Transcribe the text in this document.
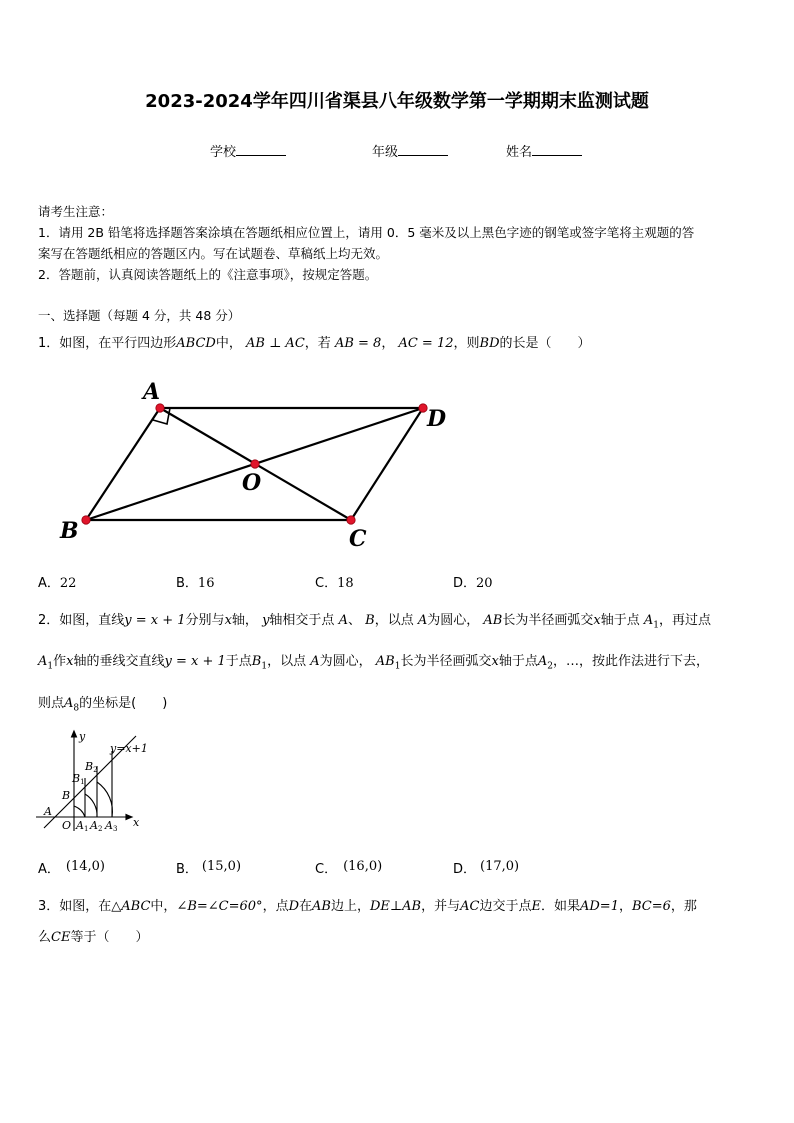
2023-2024学年四川省渠县八年级数学第一学期期末监测试题
学校	年级	姓名
请考生注意：
1．请用 2B 铅笔将选择题答案涂填在答题纸相应位置上，请用 0．5 毫米及以上黑色字迹的钢笔或签字笔将主观题的答
案写在答题纸相应的答题区内。写在试题卷、草稿纸上均无效。
2．答题前，认真阅读答题纸上的《注意事项》，按规定答题。
一、选择题（每题 4 分，共 48 分）
1．如图，在平行四边形ABCD中， AB ⊥ AC，若 AB = 8， AC = 12，则BD的长是（　　）
A
D
O
B	C
A．22	B．16	C．18	D．20
2．如图，直线y = x + 1分别与x轴， y轴相交于点 A、 B，以点 A为圆心， AB长为半径画弧交x轴于点 $A_1$，再过点
$A_1$作x轴的垂线交直线y = x + 1于点$B_1$，以点 A为圆心， $AB_1$长为半径画弧交x轴于点$A_2$，…，按此作法进行下去，
则点$A_8$的坐标是(　　)
y
x
y=x+1
B
B1
B2
A
O A1 A2 A3
A． (14,0)	B． (15,0)	C． (16,0)	D． (17,0)
3．如图，在△ABC中，∠B=∠C=60°，点D在AB边上，DE⊥AB，并与AC边交于点E．如果AD=1，BC=6，那
么CE等于（　　）
